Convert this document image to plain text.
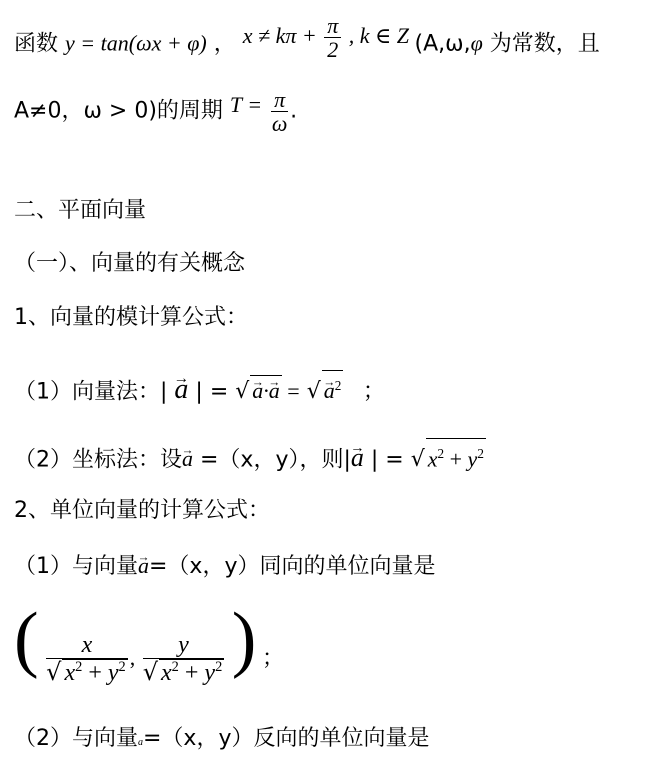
函数 y = tan(ωx + φ) ， $x \ne k\pi + \frac{\pi}{2}$ , k ∈ Z (A,ω,φ 为常数，且
A≠0，ω > 0)的周期 $T = \frac{\pi}{\omega}$ .
二、平面向量
（一）、向量的有关概念
1、向量的模计算公式：
（1）向量法：| → a | = √ → a·→ a = √ → $a^2$ ；
（2）坐标法：设→ a =（x，y），则|→ a | = √ $x^2 + y^2$
2、单位向量的计算公式：
（1）与向量→ a=（x，y）同向的单位向量是
( $\frac{x}{√ x^2 + y^2}$ , $\frac{y}{√ x^2 + y^2}$ ) ；
（2）与向量a=（x，y）反向的单位向量是
